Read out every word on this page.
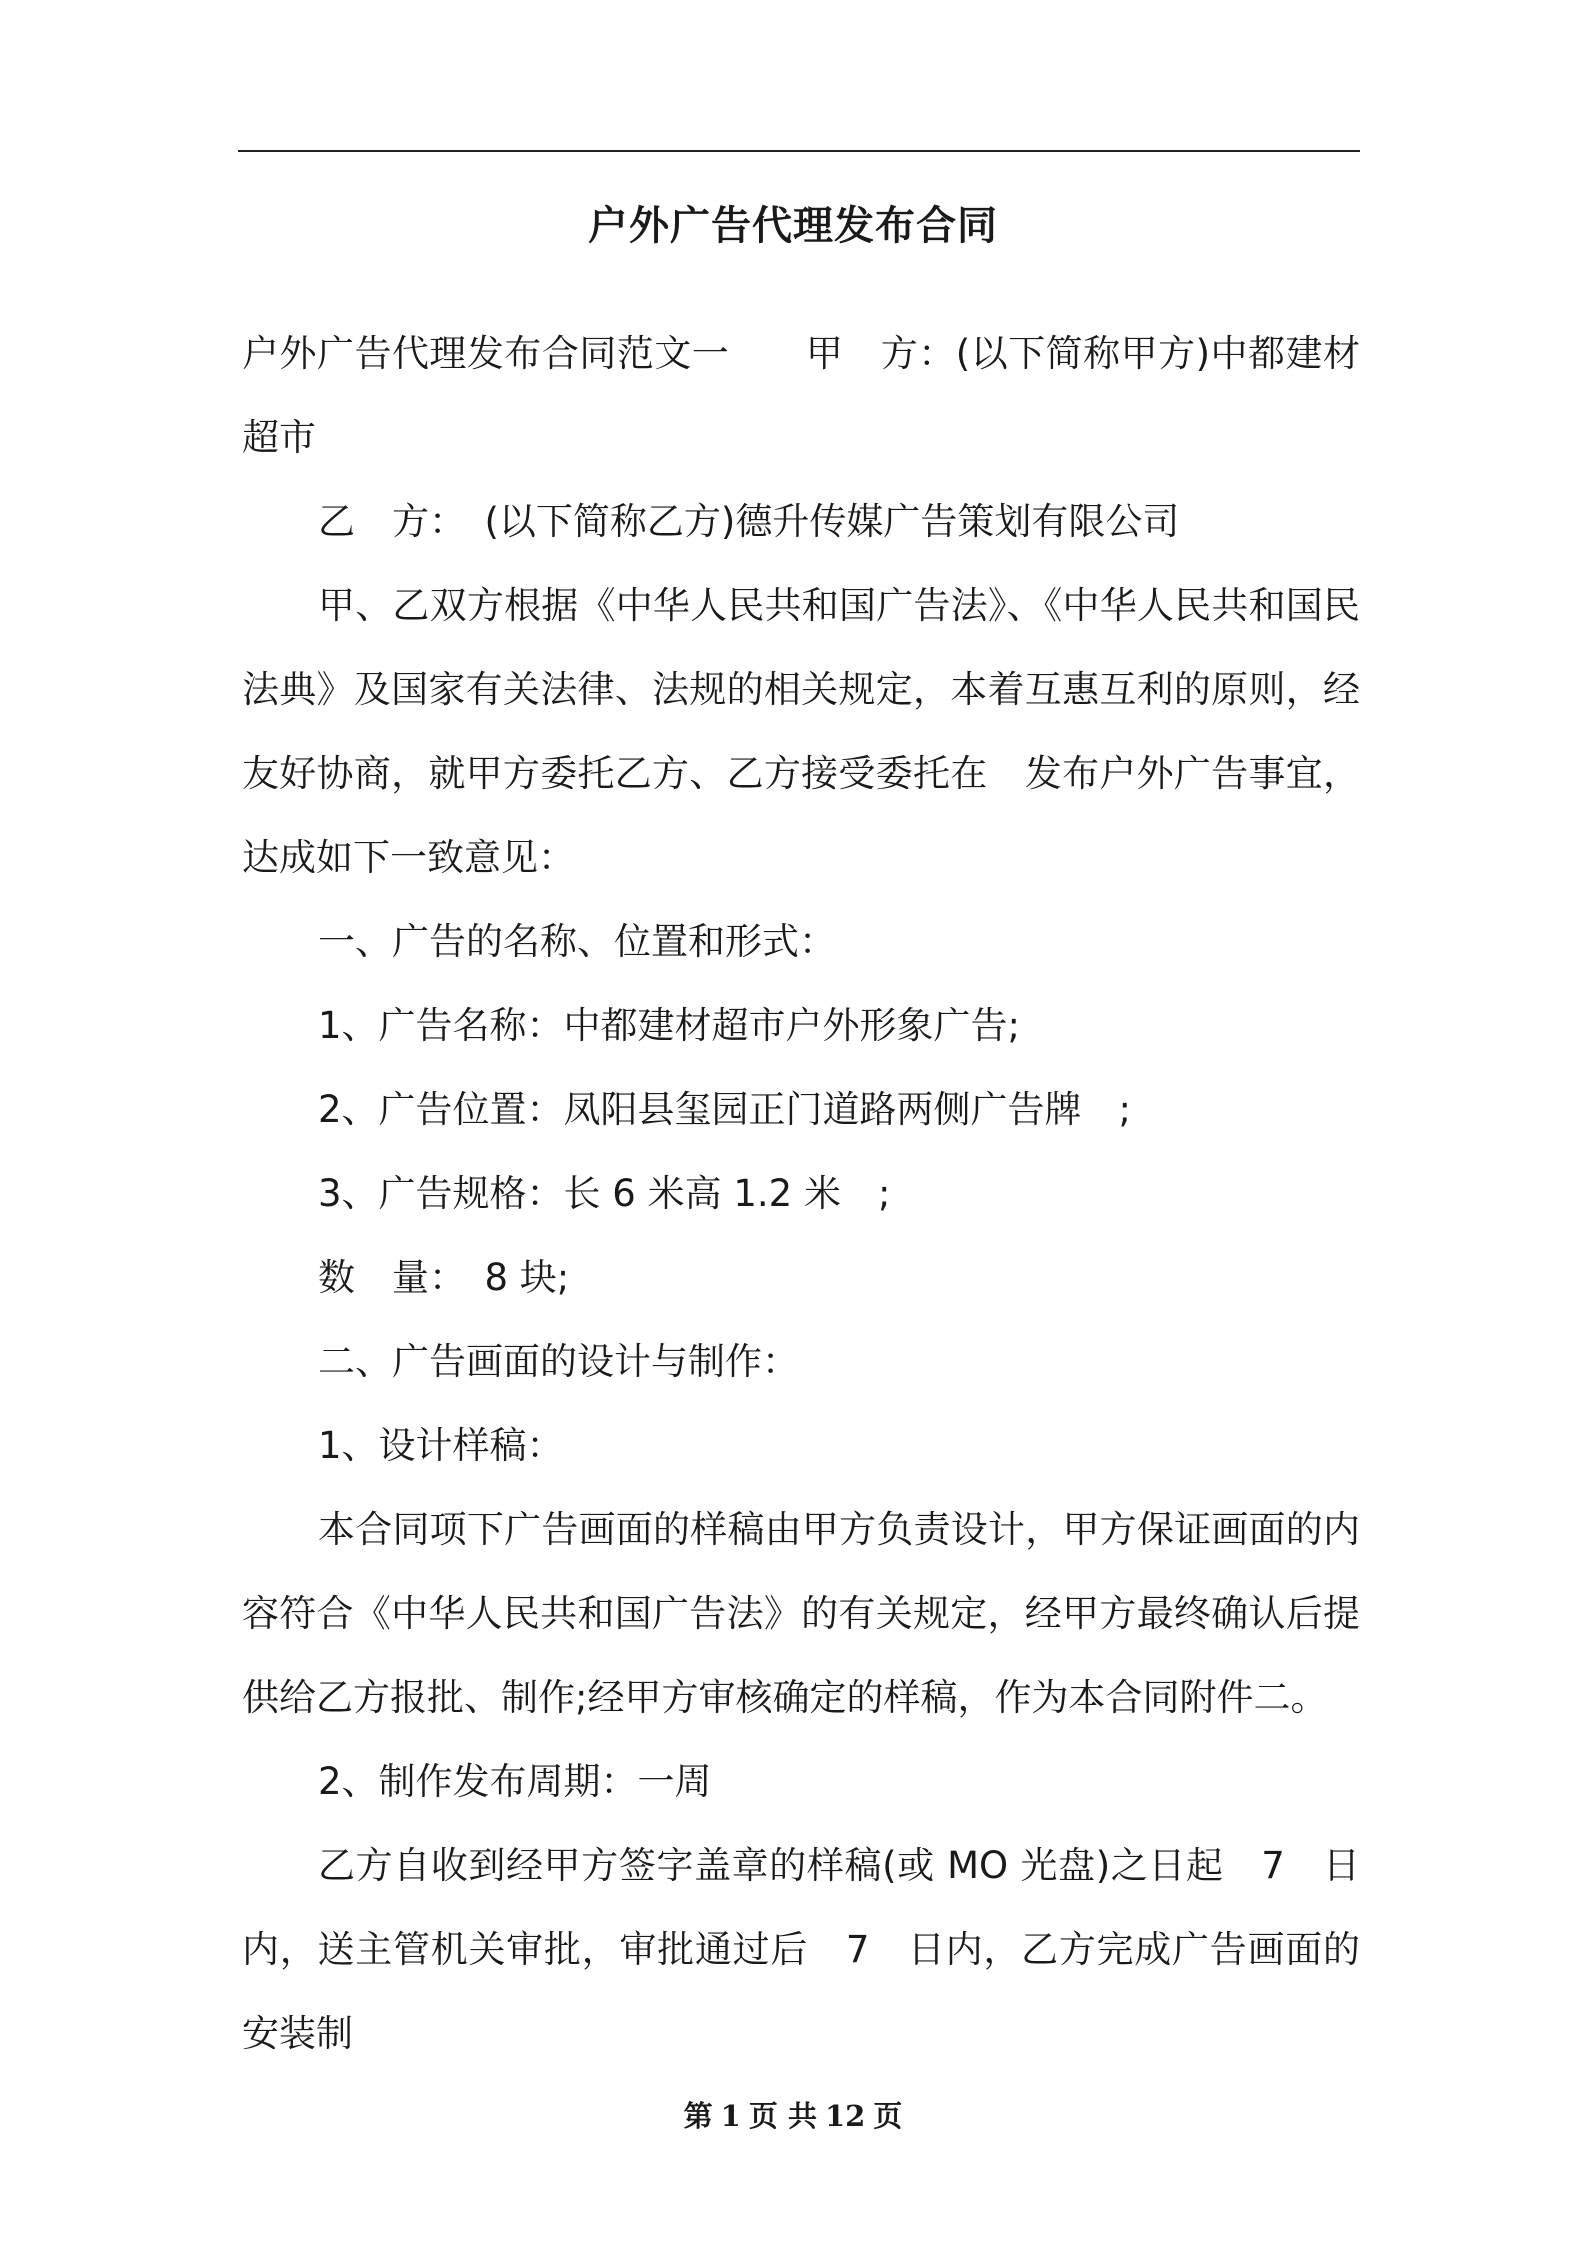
户外广告代理发布合同

户外广告代理发布合同范文一 甲　方：(以下简称甲方)中都建材超市

乙　方：　(以下简称乙方)德升传媒广告策划有限公司

甲、乙双方根据《中华人民共和国广告法》、《中华人民共和国民法典》及国家有关法律、法规的相关规定，本着互惠互利的原则，经友好协商，就甲方委托乙方、乙方接受委托在　发布户外广告事宜，达成如下一致意见：

一、广告的名称、位置和形式：

1、广告名称：中都建材超市户外形象广告;

2、广告位置：凤阳县玺园正门道路两侧广告牌　;

3、广告规格：长 6 米高 1.2 米　;

数　量：　8 块;

二、广告画面的设计与制作：

1、设计样稿：

本合同项下广告画面的样稿由甲方负责设计，甲方保证画面的内容符合《中华人民共和国广告法》的有关规定，经甲方最终确认后提供给乙方报批、制作;经甲方审核确定的样稿，作为本合同附件二。

2、制作发布周期：一周

乙方自收到经甲方签字盖章的样稿(或 MO 光盘)之日起　7　日内，送主管机关审批，审批通过后　7　日内，乙方完成广告画面的安装制

第 1 页 共 12 页
